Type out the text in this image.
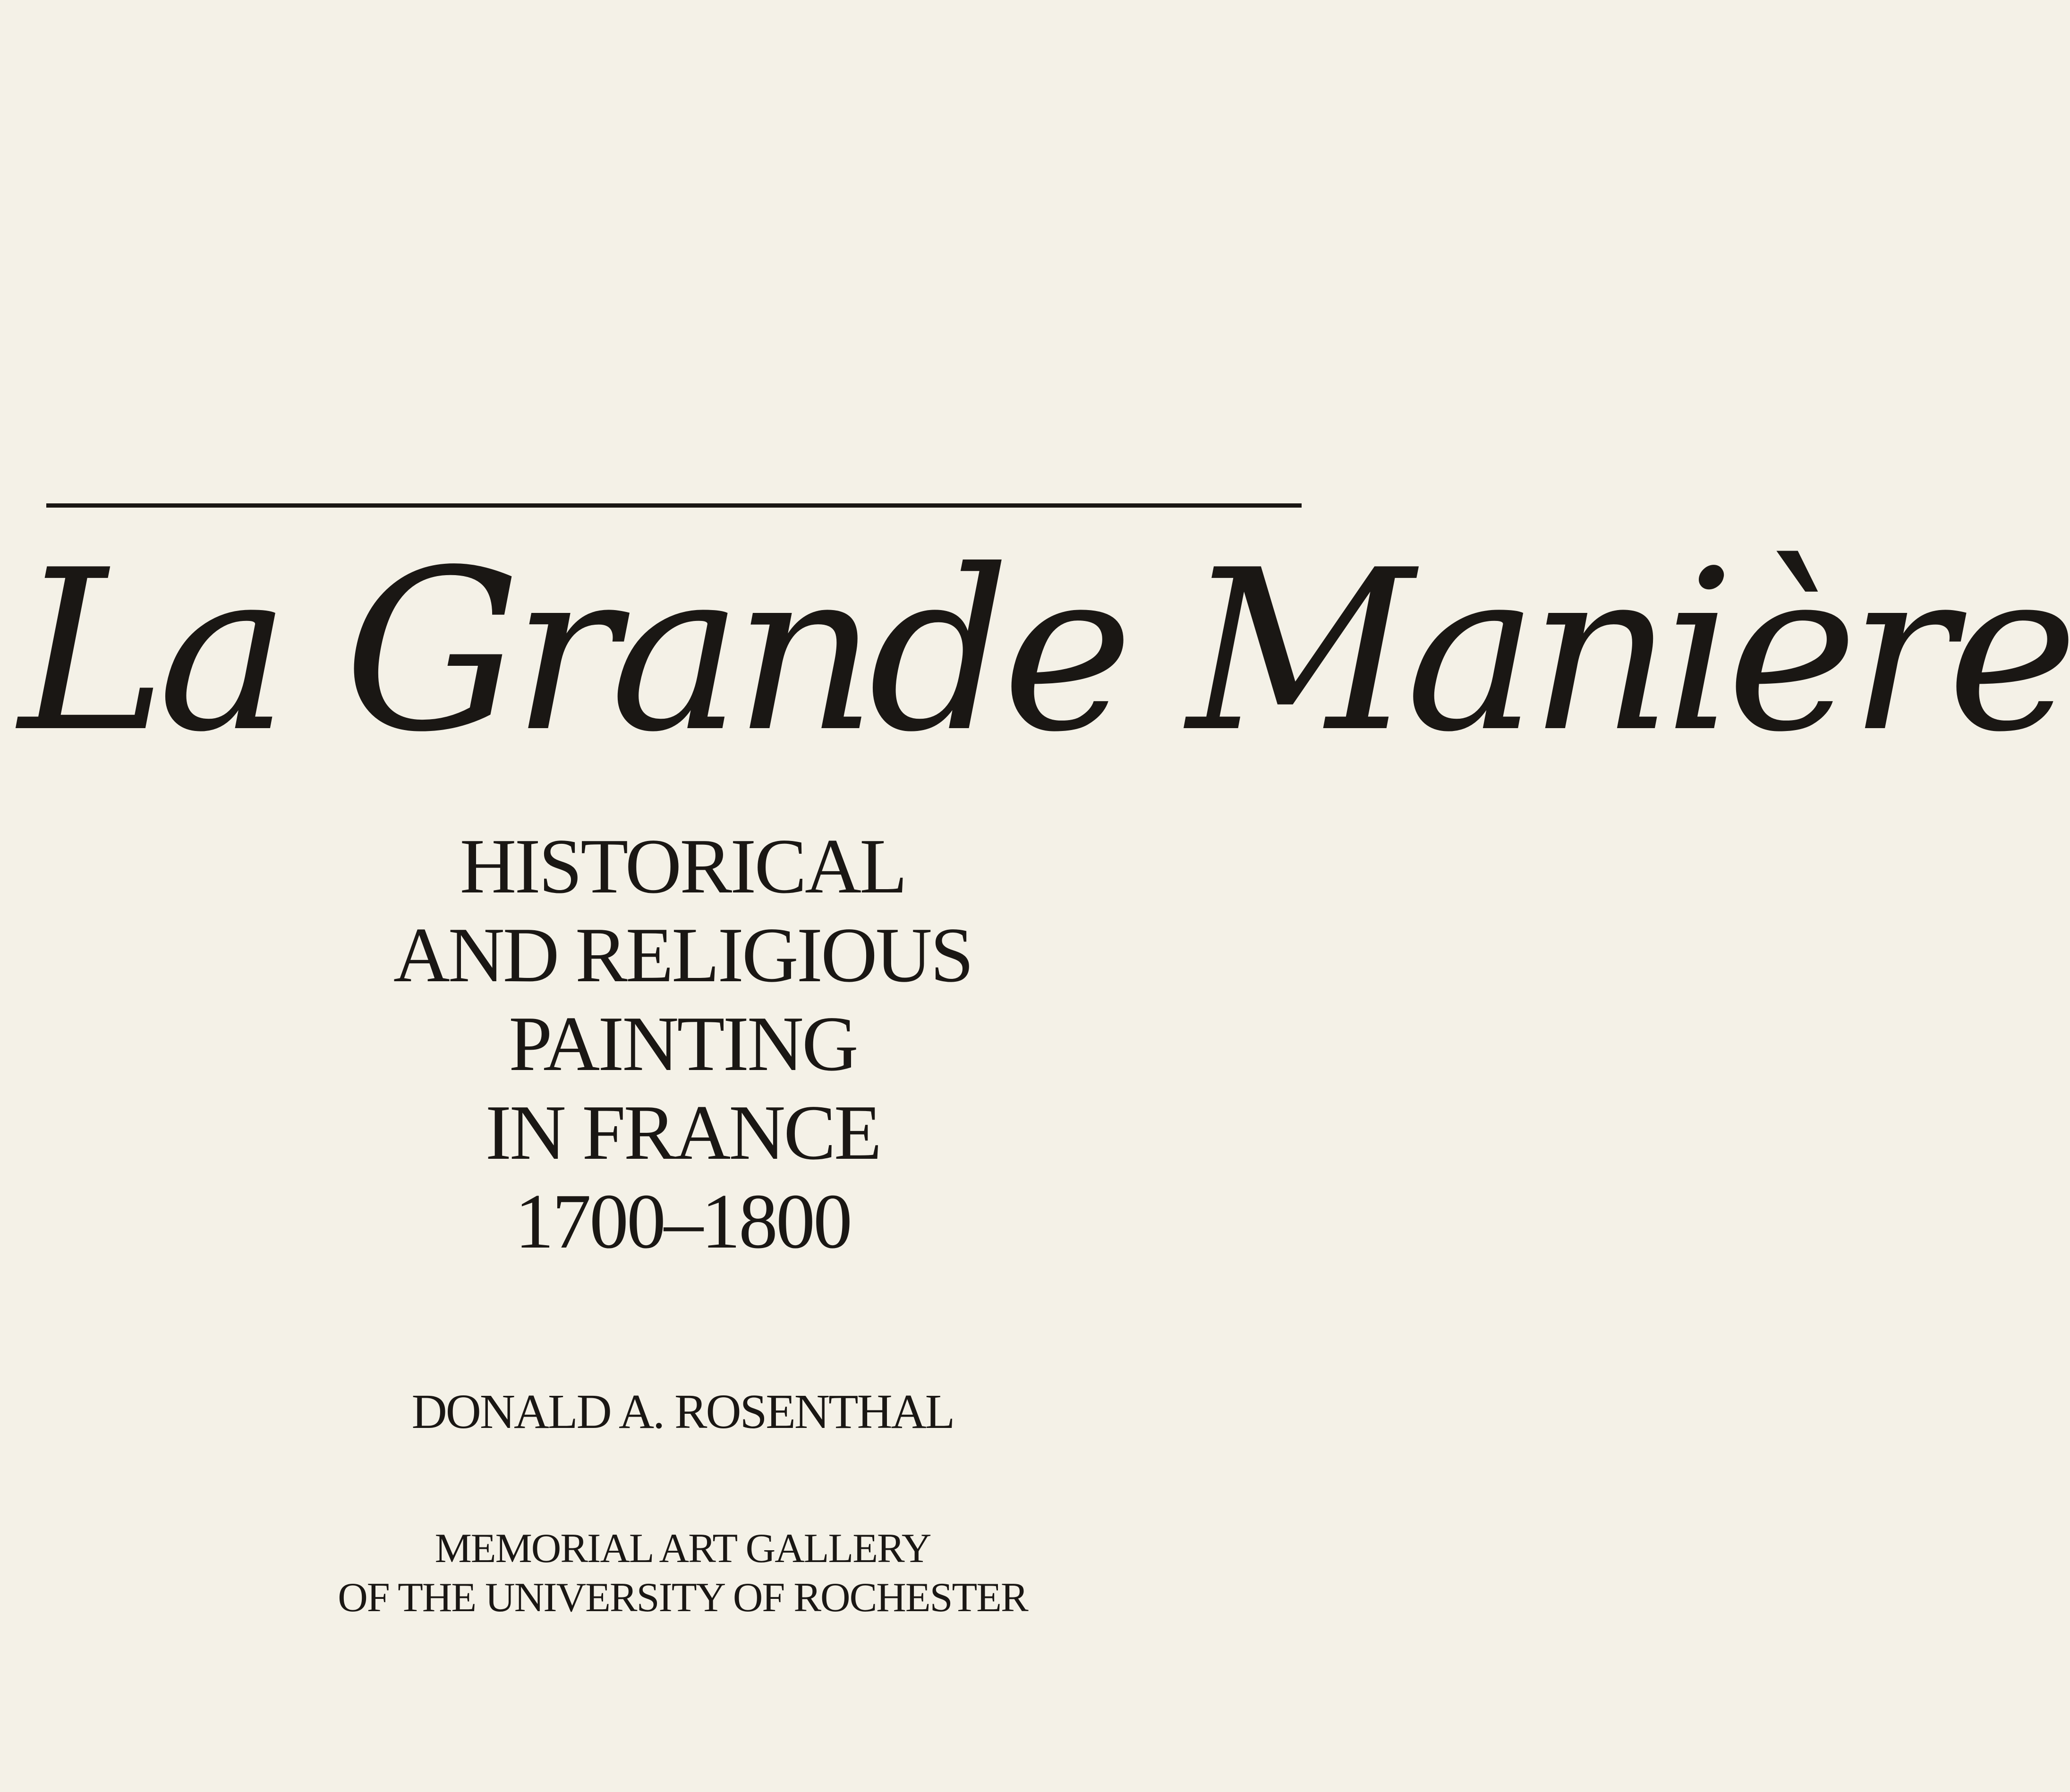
La Grande Manière
HISTORICAL
AND RELIGIOUS
PAINTING
IN FRANCE
1700–1800
DONALD A. ROSENTHAL
MEMORIAL ART GALLERY
OF THE UNIVERSITY OF ROCHESTER
